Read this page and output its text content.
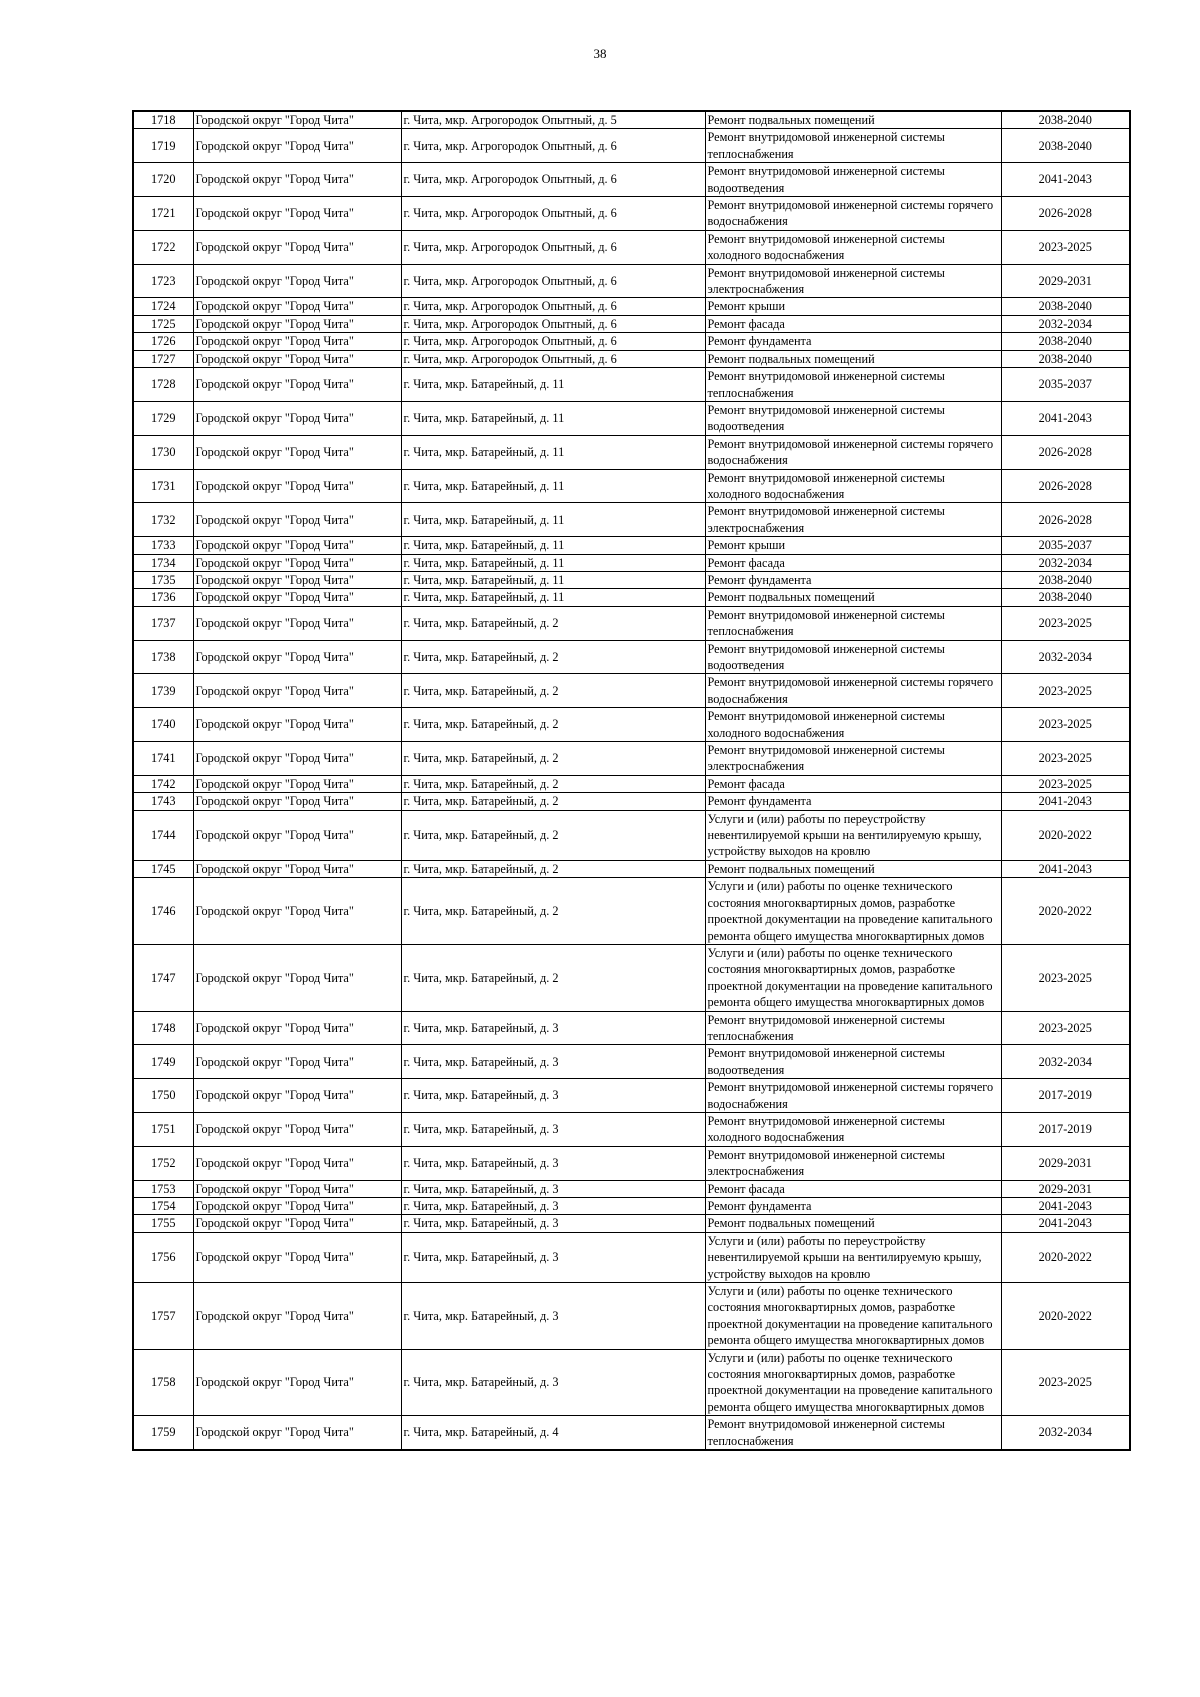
38
1718	Городской округ "Город Чита"	г. Чита, мкр. Агрогородок Опытный, д. 5	Ремонт подвальных помещений	2038-2040
1719	Городской округ "Город Чита"	г. Чита, мкр. Агрогородок Опытный, д. 6	Ремонт внутридомовой инженерной системы теплоснабжения	2038-2040
1720	Городской округ "Город Чита"	г. Чита, мкр. Агрогородок Опытный, д. 6	Ремонт внутридомовой инженерной системы водоотведения	2041-2043
1721	Городской округ "Город Чита"	г. Чита, мкр. Агрогородок Опытный, д. 6	Ремонт внутридомовой инженерной системы горячего водоснабжения	2026-2028
1722	Городской округ "Город Чита"	г. Чита, мкр. Агрогородок Опытный, д. 6	Ремонт внутридомовой инженерной системы холодного водоснабжения	2023-2025
1723	Городской округ "Город Чита"	г. Чита, мкр. Агрогородок Опытный, д. 6	Ремонт внутридомовой инженерной системы электроснабжения	2029-2031
1724	Городской округ "Город Чита"	г. Чита, мкр. Агрогородок Опытный, д. 6	Ремонт крыши	2038-2040
1725	Городской округ "Город Чита"	г. Чита, мкр. Агрогородок Опытный, д. 6	Ремонт фасада	2032-2034
1726	Городской округ "Город Чита"	г. Чита, мкр. Агрогородок Опытный, д. 6	Ремонт фундамента	2038-2040
1727	Городской округ "Город Чита"	г. Чита, мкр. Агрогородок Опытный, д. 6	Ремонт подвальных помещений	2038-2040
1728	Городской округ "Город Чита"	г. Чита, мкр. Батарейный, д. 11	Ремонт внутридомовой инженерной системы теплоснабжения	2035-2037
1729	Городской округ "Город Чита"	г. Чита, мкр. Батарейный, д. 11	Ремонт внутридомовой инженерной системы водоотведения	2041-2043
1730	Городской округ "Город Чита"	г. Чита, мкр. Батарейный, д. 11	Ремонт внутридомовой инженерной системы горячего водоснабжения	2026-2028
1731	Городской округ "Город Чита"	г. Чита, мкр. Батарейный, д. 11	Ремонт внутридомовой инженерной системы холодного водоснабжения	2026-2028
1732	Городской округ "Город Чита"	г. Чита, мкр. Батарейный, д. 11	Ремонт внутридомовой инженерной системы электроснабжения	2026-2028
1733	Городской округ "Город Чита"	г. Чита, мкр. Батарейный, д. 11	Ремонт крыши	2035-2037
1734	Городской округ "Город Чита"	г. Чита, мкр. Батарейный, д. 11	Ремонт фасада	2032-2034
1735	Городской округ "Город Чита"	г. Чита, мкр. Батарейный, д. 11	Ремонт фундамента	2038-2040
1736	Городской округ "Город Чита"	г. Чита, мкр. Батарейный, д. 11	Ремонт подвальных помещений	2038-2040
1737	Городской округ "Город Чита"	г. Чита, мкр. Батарейный, д. 2	Ремонт внутридомовой инженерной системы теплоснабжения	2023-2025
1738	Городской округ "Город Чита"	г. Чита, мкр. Батарейный, д. 2	Ремонт внутридомовой инженерной системы водоотведения	2032-2034
1739	Городской округ "Город Чита"	г. Чита, мкр. Батарейный, д. 2	Ремонт внутридомовой инженерной системы горячего водоснабжения	2023-2025
1740	Городской округ "Город Чита"	г. Чита, мкр. Батарейный, д. 2	Ремонт внутридомовой инженерной системы холодного водоснабжения	2023-2025
1741	Городской округ "Город Чита"	г. Чита, мкр. Батарейный, д. 2	Ремонт внутридомовой инженерной системы электроснабжения	2023-2025
1742	Городской округ "Город Чита"	г. Чита, мкр. Батарейный, д. 2	Ремонт фасада	2023-2025
1743	Городской округ "Город Чита"	г. Чита, мкр. Батарейный, д. 2	Ремонт фундамента	2041-2043
1744	Городской округ "Город Чита"	г. Чита, мкр. Батарейный, д. 2	Услуги и (или) работы по переустройству невентилируемой крыши на вентилируемую крышу, устройству выходов на кровлю	2020-2022
1745	Городской округ "Город Чита"	г. Чита, мкр. Батарейный, д. 2	Ремонт подвальных помещений	2041-2043
1746	Городской округ "Город Чита"	г. Чита, мкр. Батарейный, д. 2	Услуги и (или) работы по оценке технического состояния многоквартирных домов, разработке проектной документации на проведение капитального ремонта общего имущества многоквартирных домов	2020-2022
1747	Городской округ "Город Чита"	г. Чита, мкр. Батарейный, д. 2	Услуги и (или) работы по оценке технического состояния многоквартирных домов, разработке проектной документации на проведение капитального ремонта общего имущества многоквартирных домов	2023-2025
1748	Городской округ "Город Чита"	г. Чита, мкр. Батарейный, д. 3	Ремонт внутридомовой инженерной системы теплоснабжения	2023-2025
1749	Городской округ "Город Чита"	г. Чита, мкр. Батарейный, д. 3	Ремонт внутридомовой инженерной системы водоотведения	2032-2034
1750	Городской округ "Город Чита"	г. Чита, мкр. Батарейный, д. 3	Ремонт внутридомовой инженерной системы горячего водоснабжения	2017-2019
1751	Городской округ "Город Чита"	г. Чита, мкр. Батарейный, д. 3	Ремонт внутридомовой инженерной системы холодного водоснабжения	2017-2019
1752	Городской округ "Город Чита"	г. Чита, мкр. Батарейный, д. 3	Ремонт внутридомовой инженерной системы электроснабжения	2029-2031
1753	Городской округ "Город Чита"	г. Чита, мкр. Батарейный, д. 3	Ремонт фасада	2029-2031
1754	Городской округ "Город Чита"	г. Чита, мкр. Батарейный, д. 3	Ремонт фундамента	2041-2043
1755	Городской округ "Город Чита"	г. Чита, мкр. Батарейный, д. 3	Ремонт подвальных помещений	2041-2043
1756	Городской округ "Город Чита"	г. Чита, мкр. Батарейный, д. 3	Услуги и (или) работы по переустройству невентилируемой крыши на вентилируемую крышу, устройству выходов на кровлю	2020-2022
1757	Городской округ "Город Чита"	г. Чита, мкр. Батарейный, д. 3	Услуги и (или) работы по оценке технического состояния многоквартирных домов, разработке проектной документации на проведение капитального ремонта общего имущества многоквартирных домов	2020-2022
1758	Городской округ "Город Чита"	г. Чита, мкр. Батарейный, д. 3	Услуги и (или) работы по оценке технического состояния многоквартирных домов, разработке проектной документации на проведение капитального ремонта общего имущества многоквартирных домов	2023-2025
1759	Городской округ "Город Чита"	г. Чита, мкр. Батарейный, д. 4	Ремонт внутридомовой инженерной системы теплоснабжения	2032-2034
